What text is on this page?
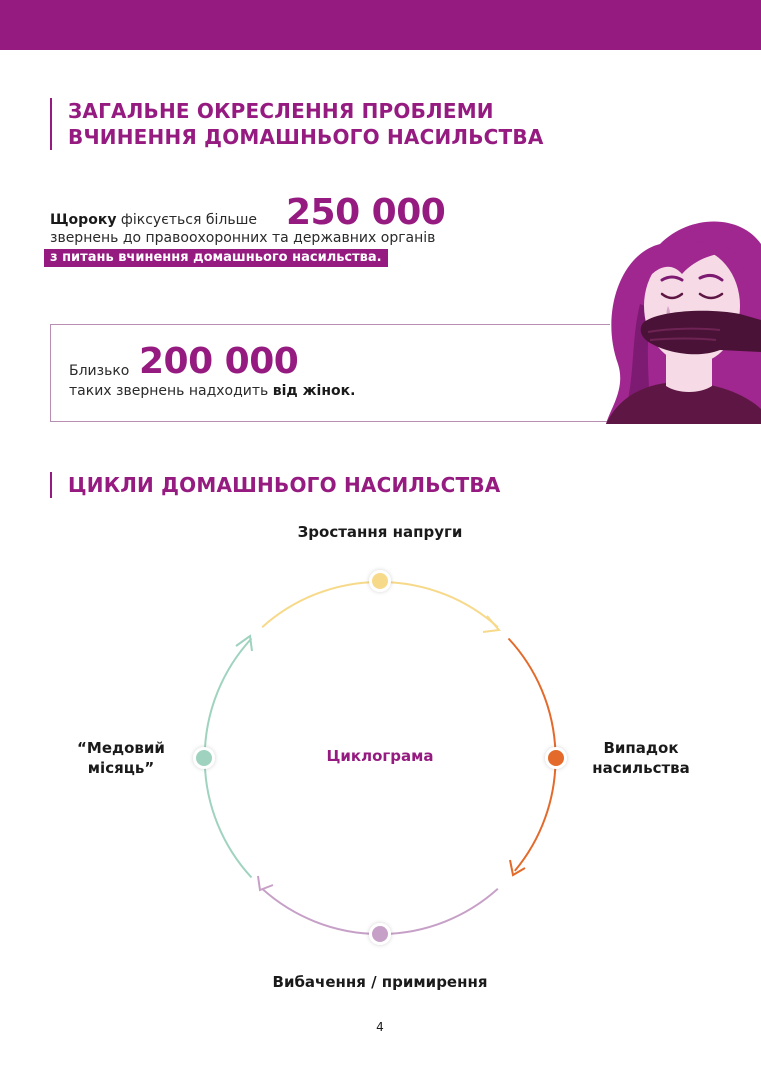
ЗАГАЛЬНЕ ОКРЕСЛЕННЯ ПРОБЛЕМИ
ВЧИНЕННЯ ДОМАШНЬОГО НАСИЛЬСТВА
Щороку фіксується більше 250 000
звернень до правоохоронних та державних органів
з питань вчинення домашнього насильства.
Близько 200 000
таких звернень надходить від жінок.
ЦИКЛИ ДОМАШНЬОГО НАСИЛЬСТВА
Зростання напруги
Випадок
насильства
“Медовий
місяць”
Вибачення / примирення
Циклограма
4
